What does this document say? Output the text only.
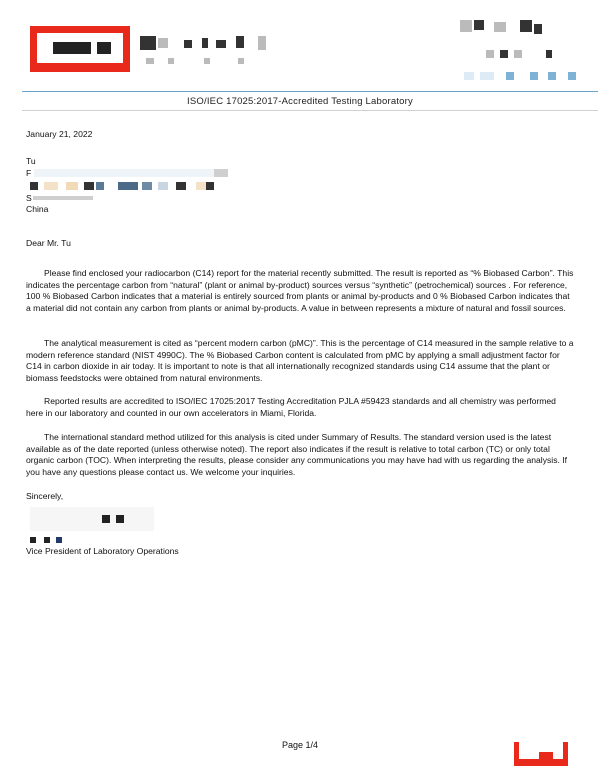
ISO/IEC 17025:2017-Accredited Testing Laboratory
January 21, 2022
Tu
F
S
China
Dear Mr. Tu

Please find enclosed your radiocarbon (C14) report for the material recently submitted. The result is reported as “% Biobased Carbon”. This indicates the percentage carbon from “natural” (plant or animal by-product) sources versus “synthetic” (petrochemical) sources . For reference, 100 % Biobased Carbon indicates that a material is entirely sourced from plants or animal by-products and 0 % Biobased Carbon indicates that a material did not contain any carbon from plants or animal by-products. A value in between represents a mixture of natural and fossil sources.

The analytical measurement is cited as “percent modern carbon (pMC)”. This is the percentage of C14 measured in the sample relative to a modern reference standard (NIST 4990C). The % Biobased Carbon content is calculated from pMC by applying a small adjustment factor for C14 in carbon dioxide in air today. It is important to note is that all internationally recognized standards using C14 assume that the plant or biomass feedstocks were obtained from natural environments.

Reported results are accredited to ISO/IEC 17025:2017 Testing Accreditation PJLA #59423 standards and all chemistry was performed here in our laboratory and counted in our own accelerators in Miami, Florida.

The international standard method utilized for this analysis is cited under Summary of Results. The standard version used is the latest available as of the date reported (unless otherwise noted). The report also indicates if the result is relative to total carbon (TC) or only total organic carbon (TOC). When interpreting the results, please consider any communications you may have had with us regarding the analysis. If you have any questions please contact us. We welcome your inquiries.

Sincerely,
Vice President of Laboratory Operations
Page 1/4
